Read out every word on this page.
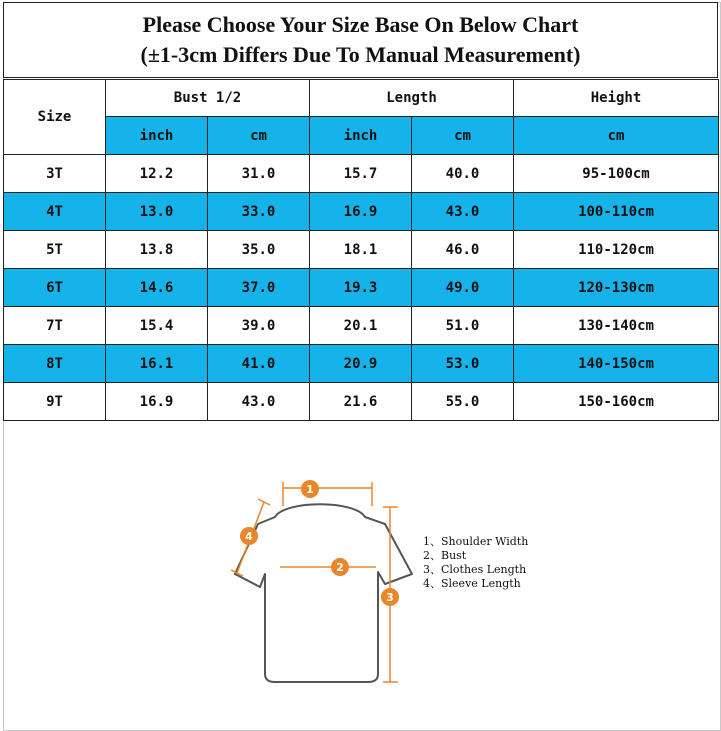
Please Choose Your Size Base On Below Chart
(±1-3cm Differs Due To Manual Measurement)
Size	Bust 1/2		Length		Height
	inch	cm	inch	cm	cm
3T	12.2	31.0	15.7	40.0	95-100cm
4T	13.0	33.0	16.9	43.0	100-110cm
5T	13.8	35.0	18.1	46.0	110-120cm
6T	14.6	37.0	19.3	49.0	120-130cm
7T	15.4	39.0	20.1	51.0	130-140cm
8T	16.1	41.0	20.9	53.0	140-150cm
9T	16.9	43.0	21.6	55.0	150-160cm
1
2
3
4	1、Shoulder Width
2、Bust
3、Clothes Length
4、Sleeve Length
